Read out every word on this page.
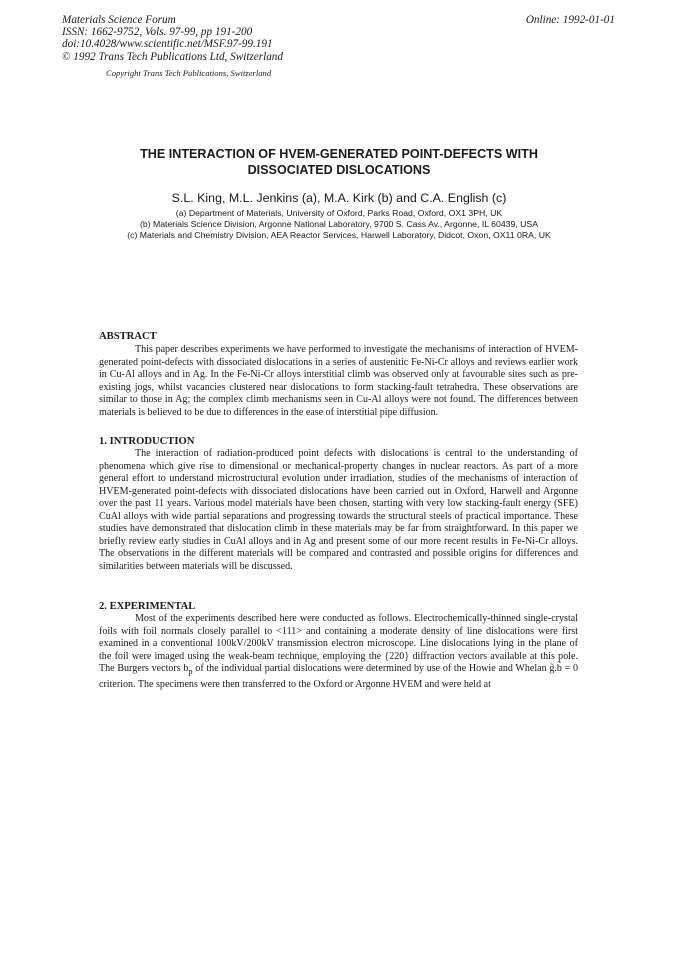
Materials Science Forum
ISSN: 1662-9752, Vols. 97-99, pp 191-200
doi:10.4028/www.scientific.net/MSF.97-99.191
© 1992 Trans Tech Publications Ltd, Switzerland
Online: 1992-01-01
Copyright Trans Tech Publications, Switzerland
THE INTERACTION OF HVEM-GENERATED POINT-DEFECTS WITH
DISSOCIATED DISLOCATIONS
S.L. King, M.L. Jenkins (a), M.A. Kirk (b) and C.A. English (c)
(a) Department of Materials, University of Oxford, Parks Road, Oxford, OX1 3PH, UK
(b) Materials Science Division, Argonne National Laboratory, 9700 S. Cass Av., Argonne, IL 60439, USA
(c) Materials and Chemistry Division, AEA Reactor Services, Harwell Laboratory, Didcot, Oxon, OX11 0RA, UK
ABSTRACT

This paper describes experiments we have performed to investigate the mechanisms of interaction of HVEM-generated point-defects with dissociated dislocations in a series of austenitic Fe-Ni-Cr alloys and reviews earlier work in Cu-Al alloys and in Ag. In the Fe-Ni-Cr alloys interstitial climb was observed only at favourable sites such as pre-existing jogs, whilst vacancies clustered near dislocations to form stacking-fault tetrahedra. These observations are similar to those in Ag; the complex climb mechanisms seen in Cu-Al alloys were not found. The differences between materials is believed to be due to differences in the ease of interstitial pipe diffusion.

1. INTRODUCTION

The interaction of radiation-produced point defects with dislocations is central to the understanding of phenomena which give rise to dimensional or mechanical-property changes in nuclear reactors. As part of a more general effort to understand microstructural evolution under irradiation, studies of the mechanisms of interaction of HVEM-generated point-defects with dissociated dislocations have been carried out in Oxford, Harwell and Argonne over the past 11 years. Various model materials have been chosen, starting with very low stacking-fault energy (SFE) CuAl alloys with wide partial separations and progressing towards the structural steels of practical importance. These studies have demonstrated that dislocation climb in these materials may be far from straightforward. In this paper we briefly review early studies in CuAl alloys and in Ag and present some of our more recent results in Fe-Ni-Cr alloys. The observations in the different materials will be compared and contrasted and possible origins for differences and similarities between materials will be discussed.

2. EXPERIMENTAL

Most of the experiments described here were conducted as follows. Electrochemically-thinned single-crystal foils with foil normals closely parallel to <111> and containing a moderate density of line dislocations were first examined in a conventional 100kV/200kV transmission electron microscope. Line dislocations lying in the plane of the foil were imaged using the weak-beam technique, employing the {220} diffraction vectors available at this pole. The Burgers vectors $b_p$ of the individual partial dislocations were determined by use of the Howie and Whelan g̃.b̃ = 0 criterion. The specimens were then transferred to the Oxford or Argonne HVEM and were held at
